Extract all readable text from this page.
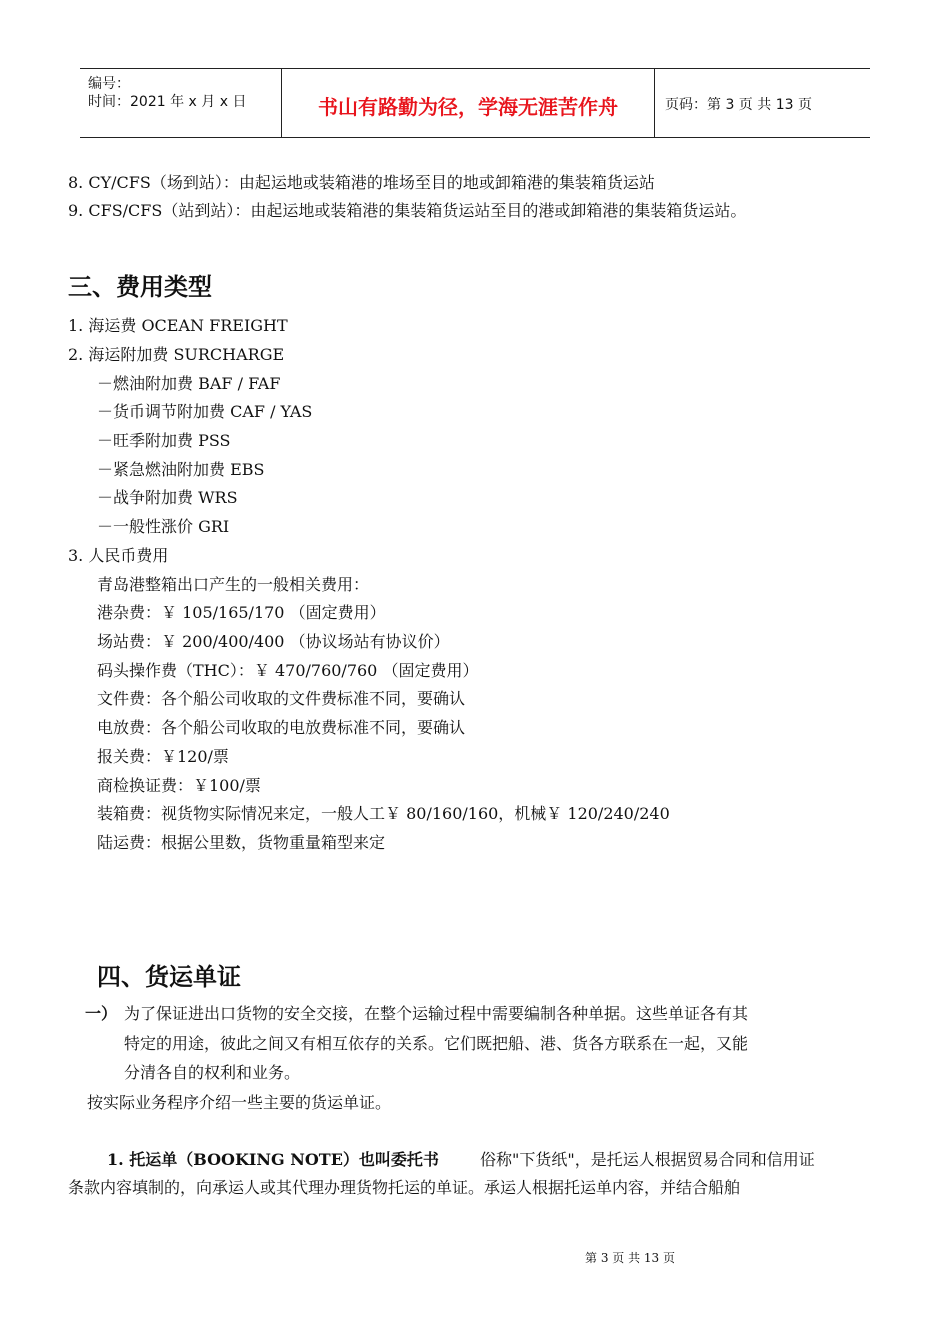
编号：
时间：2021 年 x 月 x 日	书山有路勤为径，学海无涯苦作舟	页码：第 3 页 共 13 页
8. CY/CFS（场到站）：由起运地或装箱港的堆场至目的地或卸箱港的集装箱货运站
9. CFS/CFS（站到站）：由起运地或装箱港的集装箱货运站至目的港或卸箱港的集装箱货运站。
三、费用类型
1. 海运费 OCEAN FREIGHT
2. 海运附加费 SURCHARGE
－燃油附加费 BAF / FAF
－货币调节附加费 CAF / YAS
－旺季附加费 PSS
－紧急燃油附加费 EBS
－战争附加费 WRS
－一般性涨价 GRI
3. 人民币费用
青岛港整箱出口产生的一般相关费用：
港杂费：￥ 105/165/170 （固定费用）
场站费：￥ 200/400/400 （协议场站有协议价）
码头操作费（THC）：￥ 470/760/760 （固定费用）
文件费：各个船公司收取的文件费标准不同，要确认
电放费：各个船公司收取的电放费标准不同，要确认
报关费：￥120/票
商检换证费：￥100/票
装箱费：视货物实际情况来定，一般人工￥ 80/160/160，机械￥ 120/240/240
陆运费：根据公里数，货物重量箱型来定
四、货运单证
一） 为了保证进出口货物的安全交接，在整个运输过程中需要编制各种单据。这些单证各有其
特定的用途，彼此之间又有相互依存的关系。它们既把船、港、货各方联系在一起，又能
分清各自的权利和业务。
按实际业务程序介绍一些主要的货运单证。
1. 托运单（BOOKING NOTE）也叫委托书	俗称"下货纸"，是托运人根据贸易合同和信用证
条款内容填制的，向承运人或其代理办理货物托运的单证。承运人根据托运单内容，并结合船舶
第 3 页 共 13 页
